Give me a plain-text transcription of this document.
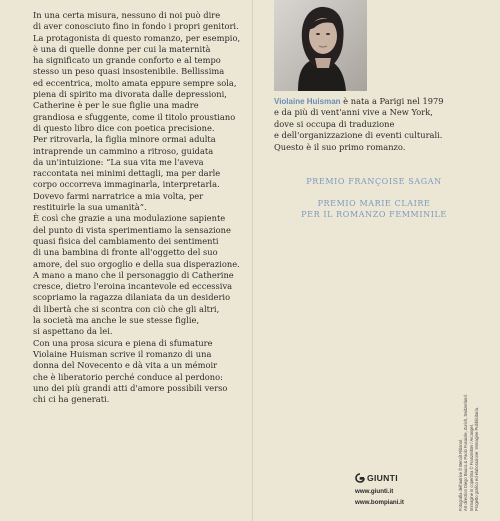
In una certa misura, nessuno di noi può dire

di aver conosciuto fino in fondo i propri genitori.

La protagonista di questo romanzo, per esempio,

è una di quelle donne per cui la maternità

ha significato un grande conforto e al tempo

stesso un peso quasi insostenibile. Bellissima

ed eccentrica, molto amata eppure sempre sola,

piena di spirito ma divorata dalle depressioni,

Catherine è per le sue figlie una madre

grandiosa e sfuggente, come il titolo proustiano

di questo libro dice con poetica precisione.

Per ritrovarla, la figlia minore ormai adulta

intraprende un cammino a ritroso, guidata

da un'intuizione: “La sua vita me l'aveva

raccontata nei minimi dettagli, ma per darle

corpo occorreva immaginarla, interpretarla.

Dovevo farmi narratrice a mia volta, per

restituirle la sua umanità”.

È così che grazie a una modulazione sapiente

del punto di vista sperimentiamo la sensazione

quasi fisica del cambiamento dei sentimenti

di una bambina di fronte all'oggetto del suo

amore, del suo orgoglio e della sua disperazione.

A mano a mano che il personaggio di Catherine

cresce, dietro l'eroina incantevole ed eccessiva

scopriamo la ragazza dilaniata da un desiderio

di libertà che si scontra con ciò che gli altri,

la società ma anche le sue stesse figlie,

si aspettano da lei.

Con una prosa sicura e piena di sfumature

Violaine Huisman scrive il romanzo di una

donna del Novecento e dà vita a un mémoir

che è liberatorio perché conduce al perdono:

uno dei più grandi atti d'amore possibili verso

chi ci ha generati.

Violaine Huisman è nata a Parigi nel 1979

e da più di vent'anni vive a New York,

dove si occupa di traduzione

e dell'organizzazione di eventi culturali.

Questo è il suo primo romanzo.

PREMIO FRANÇOISE SAGAN
PREMIO MARIE CLAIRE
PER IL ROMANZO FEMMINILE

Fotografia dell'autrice © Benoît Ritisnal. Art direction Diego Bauca & Paolo Fusaiole, Zurich, Switzerland. Immagine in copertina © Franzmitter / Arcangel. Progetto grafico ed elaborazione: Immagine Pubblicitaria.

GIUNTI
www.giunti.it
www.bompiani.it
